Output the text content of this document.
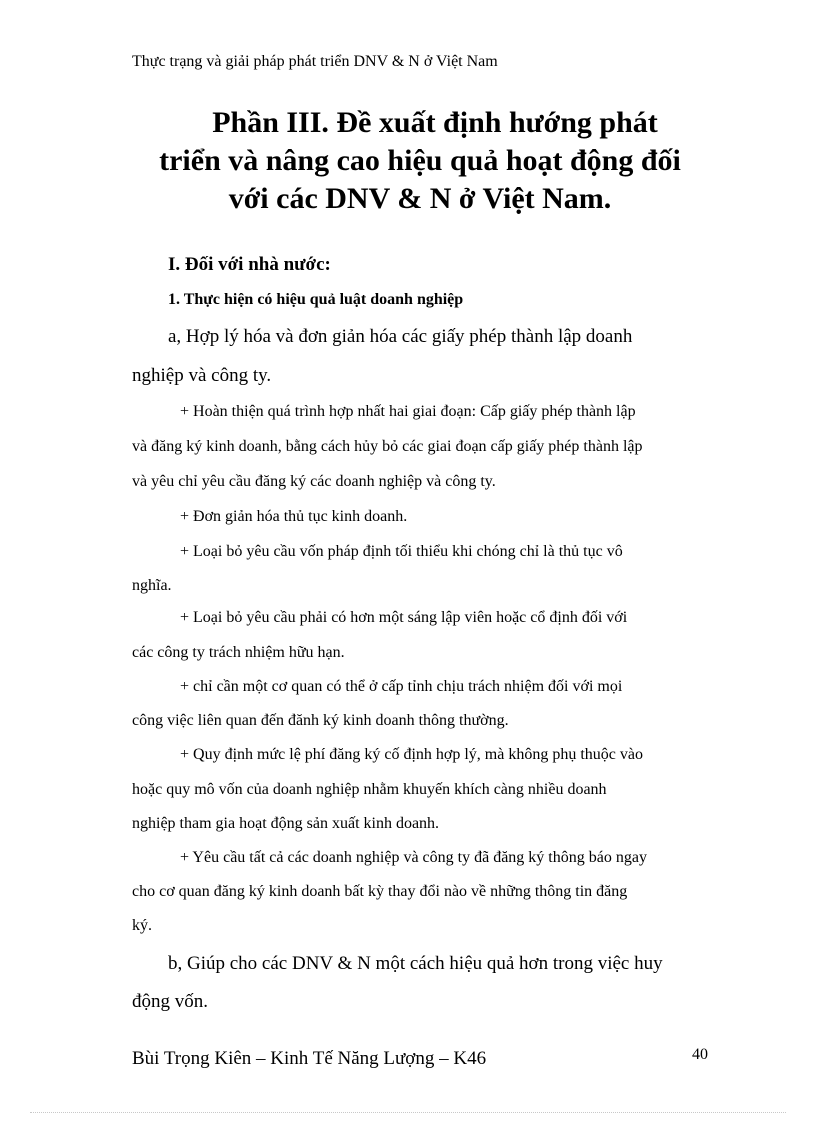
Thực trạng và giải pháp phát triển DNV & N ở Việt Nam
Phần III. Đề xuất định hướng phát
triển và nâng cao hiệu quả hoạt động đối
với các DNV & N ở Việt Nam.
I. Đối với nhà nước:
1. Thực hiện có hiệu quả luật doanh nghiệp
a, Hợp lý hóa và đơn giản hóa các giấy phép thành lập doanh
nghiệp và công ty.
+ Hoàn thiện quá trình hợp nhất hai giai đoạn: Cấp giấy phép thành lập
và đăng ký kinh doanh, bằng cách hủy bỏ các giai đoạn cấp giấy phép thành lập
và yêu chỉ yêu cầu đăng ký các doanh nghiệp và công ty.
+ Đơn giản hóa thủ tục kinh doanh.
+ Loại bỏ yêu cầu vốn pháp định tối thiểu khi chóng chỉ là thủ tục vô
nghĩa.
+ Loại bỏ yêu cầu phải có hơn một sáng lập viên hoặc cổ định đối với
các công ty trách nhiệm hữu hạn.
+ chỉ cần một cơ quan có thể ở cấp tỉnh chịu trách nhiệm đối với mọi
công việc liên quan đến đănh ký kinh doanh thông thường.
+ Quy định mức lệ phí đăng ký cố định hợp lý, mà không phụ thuộc vào
hoặc quy mô vốn của doanh nghiệp nhằm khuyến khích càng nhiều doanh
nghiệp tham gia hoạt động sản xuất kinh doanh.
+ Yêu cầu tất cả các doanh nghiệp và công ty đã đăng ký thông báo ngay
cho cơ quan đăng ký kinh doanh bất kỳ thay đổi nào về những thông tin đăng
ký.
b, Giúp cho các DNV & N một cách hiệu quả hơn trong việc huy
động vốn.
Bùi Trọng Kiên – Kinh Tế Năng Lượng – K46	40
